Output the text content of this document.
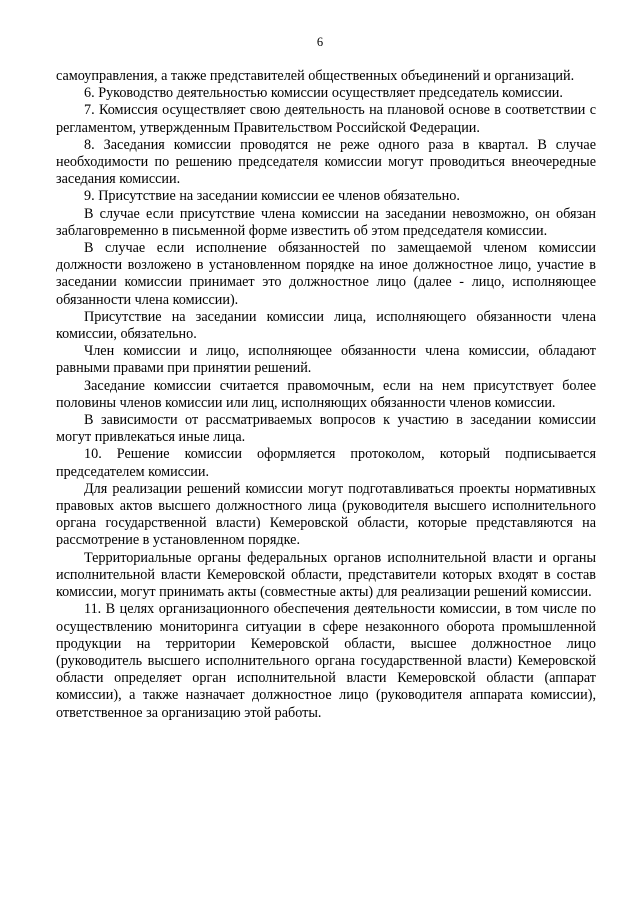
6

самоуправления, а также представителей общественных объединений и организаций.

6. Руководство деятельностью комиссии осуществляет председатель комиссии.

7. Комиссия осуществляет свою деятельность на плановой основе в соответствии с регламентом, утвержденным Правительством Российской Федерации.

8. Заседания комиссии проводятся не реже одного раза в квартал. В случае необходимости по решению председателя комиссии могут проводиться внеочередные заседания комиссии.

9. Присутствие на заседании комиссии ее членов обязательно.

В случае если присутствие члена комиссии на заседании невозможно, он обязан заблаговременно в письменной форме известить об этом председателя комиссии.

В случае если исполнение обязанностей по замещаемой членом комиссии должности возложено в установленном порядке на иное должностное лицо, участие в заседании комиссии принимает это должностное лицо (далее - лицо, исполняющее обязанности члена комиссии).

Присутствие на заседании комиссии лица, исполняющего обязанности члена комиссии, обязательно.

Член комиссии и лицо, исполняющее обязанности члена комиссии, обладают равными правами при принятии решений.

Заседание комиссии считается правомочным, если на нем присутствует более половины членов комиссии или лиц, исполняющих обязанности членов комиссии.

В зависимости от рассматриваемых вопросов к участию в заседании комиссии могут привлекаться иные лица.

10. Решение комиссии оформляется протоколом, который подписывается председателем комиссии.

Для реализации решений комиссии могут подготавливаться проекты нормативных правовых актов высшего должностного лица (руководителя высшего исполнительного органа государственной власти) Кемеровской области, которые представляются на рассмотрение в установленном порядке.

Территориальные органы федеральных органов исполнительной власти и органы исполнительной власти Кемеровской области, представители которых входят в состав комиссии, могут принимать акты (совместные акты) для реализации решений комиссии.

11. В целях организационного обеспечения деятельности комиссии, в том числе по осуществлению мониторинга ситуации в сфере незаконного оборота промышленной продукции на территории Кемеровской области, высшее должностное лицо (руководитель высшего исполнительного органа государственной власти) Кемеровской области определяет орган исполнительной власти Кемеровской области (аппарат комиссии), а также назначает должностное лицо (руководителя аппарата комиссии), ответственное за организацию этой работы.
